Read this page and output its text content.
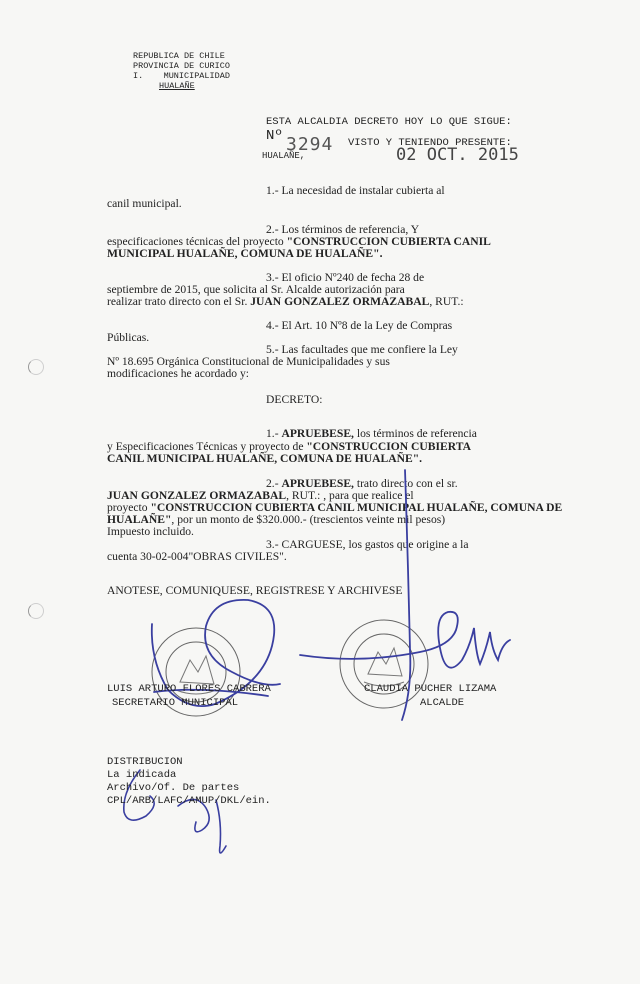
REPUBLICA DE CHILE
PROVINCIA DE CURICO
I.    MUNICIPALIDAD
HUALAÑE
ESTA ALCALDIA DECRETO HOY LO QUE SIGUE:
Nº 3294
HUALAÑE,
VISTO Y TENIENDO PRESENTE:
02 OCT. 2015
1.- La necesidad de instalar cubierta al
canil municipal.
2.- Los términos de referencia, Y
especificaciones técnicas del proyecto "CONSTRUCCION CUBIERTA CANIL
MUNICIPAL HUALAÑE, COMUNA DE HUALAÑE".
3.- El oficio Nº240 de fecha 28 de
septiembre de 2015, que solicita al Sr. Alcalde autorización para
realizar trato directo con el Sr. JUAN GONZALEZ ORMAZABAL, RUT.:
4.- El Art. 10 Nº8 de la Ley de Compras
Públicas.
5.- Las facultades que me confiere la Ley
Nº 18.695 Orgánica Constitucional de Municipalidades y sus
modificaciones he acordado y:
DECRETO:
1.- APRUEBESE, los términos de referencia
y Especificaciones Técnicas y proyecto de "CONSTRUCCION CUBIERTA
CANIL MUNICIPAL HUALAÑE, COMUNA DE HUALAÑE".
2.- APRUEBESE, trato directo con el sr.
JUAN GONZALEZ ORMAZABAL, RUT.: , para que realice el
proyecto "CONSTRUCCION CUBIERTA CANIL MUNICIPAL HUALAÑE, COMUNA DE
HUALAÑE", por un monto de $320.000.- (trescientos veinte mil pesos)
Impuesto incluido.
3.- CARGUESE, los gastos que origine a la
cuenta 30-02-004"OBRAS CIVILES".
ANOTESE, COMUNIQUESE, REGISTRESE Y ARCHIVESE
LUIS ARTURO FLORES CABRERA
SECRETARIO MUNICIPAL
CLAUDIA PUCHER LIZAMA
ALCALDE
DISTRIBUCION
La indicada
Archivo/Of. De partes
CPL/ARB/LAFC/AMUP/DKL/ein.
